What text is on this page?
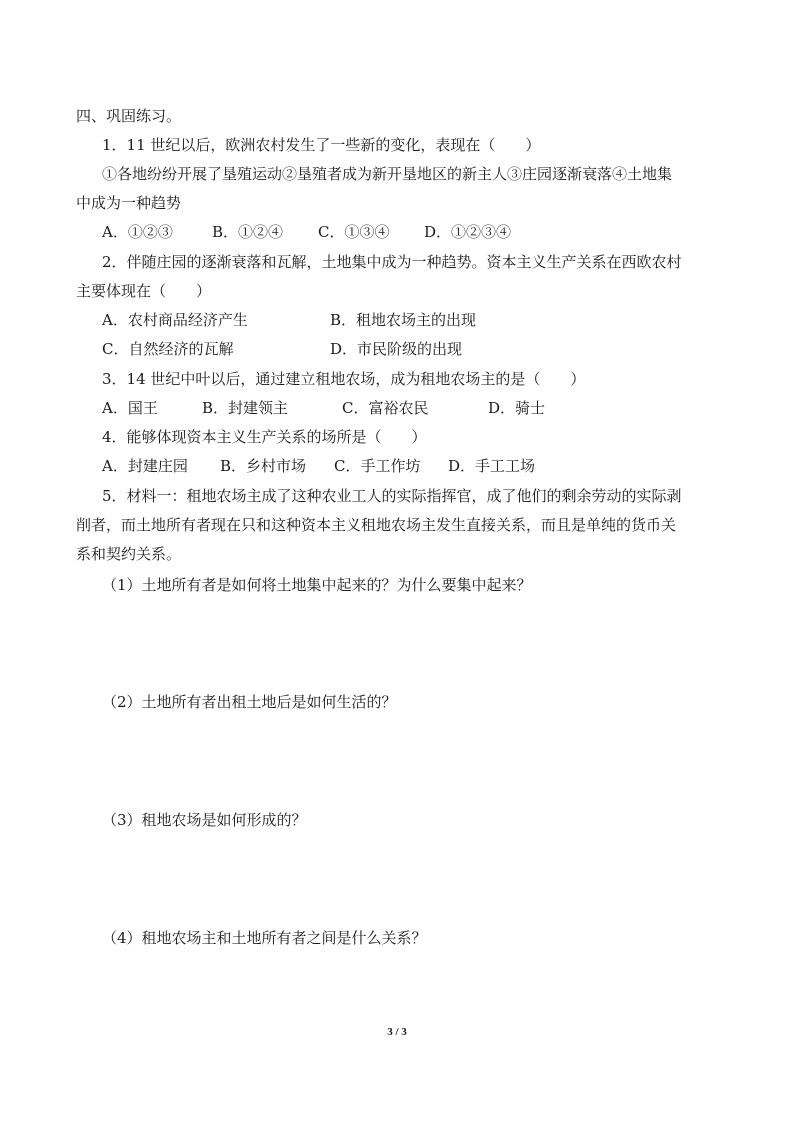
四、巩固练习。
1．11 世纪以后，欧洲农村发生了一些新的变化，表现在（　　）
①各地纷纷开展了垦殖运动②垦殖者成为新开垦地区的新主人③庄园逐渐衰落④土地集
中成为一种趋势
A．①②③	B．①②④ C．①③④ D．①②③④
2．伴随庄园的逐渐衰落和瓦解，土地集中成为一种趋势。资本主义生产关系在西欧农村
主要体现在（　　）
A．农村商品经济产生	B．租地农场主的出现
C．自然经济的瓦解	D．市民阶级的出现
3．14 世纪中叶以后，通过建立租地农场，成为租地农场主的是（　　）
A．国王	B．封建领主	C．富裕农民	D．骑士
4．能够体现资本主义生产关系的场所是（　　）
A．封建庄园 B．乡村市场 C．手工作坊 D．手工工场
5．材料一：租地农场主成了这种农业工人的实际指挥官，成了他们的剩余劳动的实际剥
削者，而土地所有者现在只和这种资本主义租地农场主发生直接关系，而且是单纯的货币关
系和契约关系。
（1）土地所有者是如何将土地集中起来的？为什么要集中起来？
（2）土地所有者出租土地后是如何生活的？
（3）租地农场是如何形成的？
（4）租地农场主和土地所有者之间是什么关系？
3 / 3
